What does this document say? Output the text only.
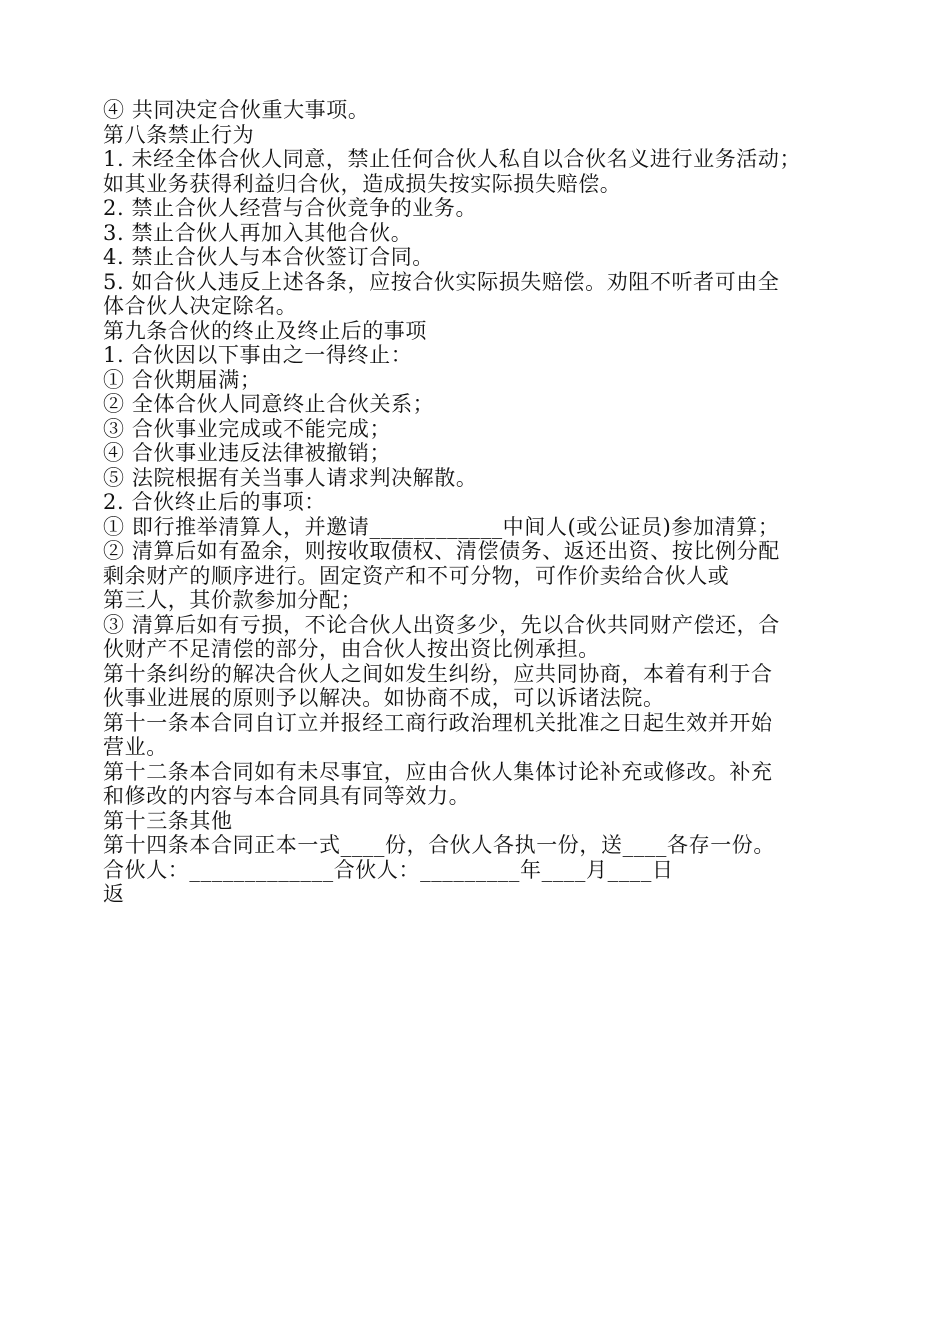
④ 共同决定合伙重大事项。

第八条禁止行为

1. 未经全体合伙人同意，禁止任何合伙人私自以合伙名义进行业务活动；

如其业务获得利益归合伙，造成损失按实际损失赔偿。

2. 禁止合伙人经营与合伙竞争的业务。

3. 禁止合伙人再加入其他合伙。

4. 禁止合伙人与本合伙签订合同。

5. 如合伙人违反上述各条，应按合伙实际损失赔偿。劝阻不听者可由全

体合伙人决定除名。

第九条合伙的终止及终止后的事项

1. 合伙因以下事由之一得终止：

① 合伙期届满；

② 全体合伙人同意终止合伙关系；

③ 合伙事业完成或不能完成；

④ 合伙事业违反法律被撤销；

⑤ 法院根据有关当事人请求判决解散。

2. 合伙终止后的事项：

① 即行推举清算人，并邀请____________中间人(或公证员)参加清算；

② 清算后如有盈余，则按收取债权、清偿债务、返还出资、按比例分配

剩余财产的顺序进行。固定资产和不可分物，可作价卖给合伙人或

第三人，其价款参加分配；

③ 清算后如有亏损，不论合伙人出资多少，先以合伙共同财产偿还，合

伙财产不足清偿的部分，由合伙人按出资比例承担。

第十条纠纷的解决合伙人之间如发生纠纷，应共同协商，本着有利于合

伙事业进展的原则予以解决。如协商不成，可以诉诸法院。

第十一条本合同自订立并报经工商行政治理机关批准之日起生效并开始

营业。

第十二条本合同如有未尽事宜，应由合伙人集体讨论补充或修改。补充

和修改的内容与本合同具有同等效力。

第十三条其他

第十四条本合同正本一式____份，合伙人各执一份，送____各存一份。

合伙人：_____________合伙人：_________年____月____日

返
